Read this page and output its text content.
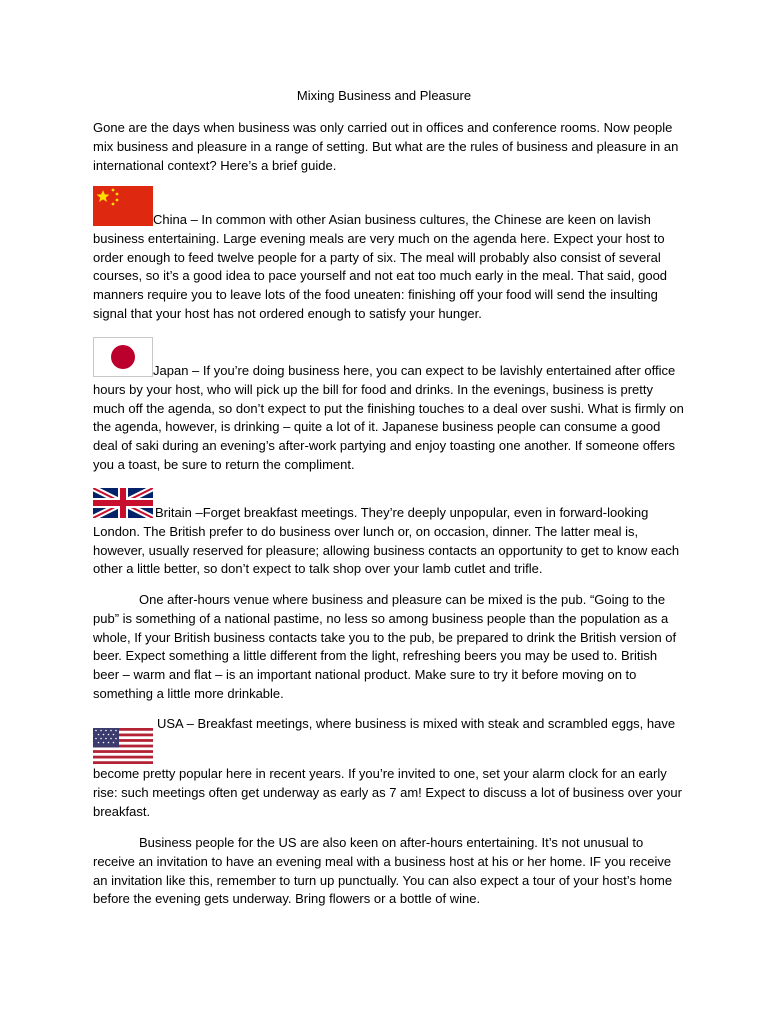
Mixing Business and Pleasure

Gone are the days when business was only carried out in offices and conference rooms. Now people mix business and pleasure in a range of setting. But what are the rules of business and pleasure in an international context? Here’s a brief guide.

China – In common with other Asian business cultures, the Chinese are keen on lavish business entertaining. Large evening meals are very much on the agenda here. Expect your host to order enough to feed twelve people for a party of six. The meal will probably also consist of several courses, so it’s a good idea to pace yourself and not eat too much early in the meal. That said, good manners require you to leave lots of the food uneaten: finishing off your food will send the insulting signal that your host has not ordered enough to satisfy your hunger.

Japan – If you’re doing business here, you can expect to be lavishly entertained after office hours by your host, who will pick up the bill for food and drinks. In the evenings, business is pretty much off the agenda, so don’t expect to put the finishing touches to a deal over sushi. What is firmly on the agenda, however, is drinking – quite a lot of it. Japanese business people can consume a good deal of saki during an evening’s after-work partying and enjoy toasting one another. If someone offers you a toast, be sure to return the compliment.

Britain –Forget breakfast meetings. They’re deeply unpopular, even in forward-looking London. The British prefer to do business over lunch or, on occasion, dinner. The latter meal is, however, usually reserved for pleasure; allowing business contacts an opportunity to get to know each other a little better, so don’t expect to talk shop over your lamb cutlet and trifle.

One after-hours venue where business and pleasure can be mixed is the pub. “Going to the pub” is something of a national pastime, no less so among business people than the population as a whole, If your British business contacts take you to the pub, be prepared to drink the British version of beer. Expect something a little different from the light, refreshing beers you may be used to. British beer – warm and flat – is an important national product. Make sure to try it before moving on to something a little more drinkable.

USA – Breakfast meetings, where business is mixed with steak and scrambled eggs, have

become pretty popular here in recent years. If you’re invited to one, set your alarm clock for an early rise: such meetings often get underway as early as 7 am! Expect to discuss a lot of business over your breakfast.

Business people for the US are also keen on after-hours entertaining. It’s not unusual to receive an invitation to have an evening meal with a business host at his or her home. IF you receive an invitation like this, remember to turn up punctually. You can also expect a tour of your host’s home before the evening gets underway. Bring flowers or a bottle of wine.
